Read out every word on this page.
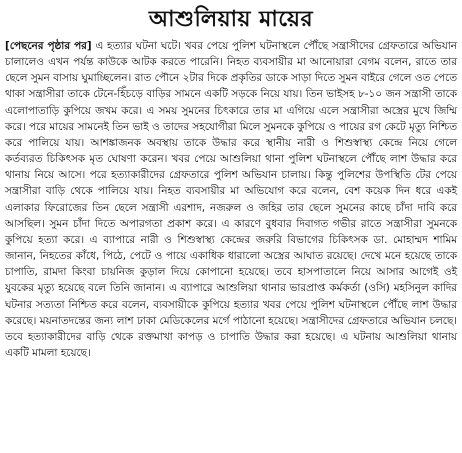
আশুলিয়ায় মায়ের

[পেছনের পৃষ্ঠার পর] এ হত্যার ঘটনা ঘটে। খবর পেয়ে পুলিশ ঘটনাস্থলে পৌঁছে সন্ত্রাসীদের গ্রেফতারে অভিযান চালালেও এখন পর্যন্ত কাউকে আটক করতে পারেনি। নিহত ব্যবসায়ীর মা আনোয়ারা বেগম বলেন, রাতে তার ছেলে সুমন বাসায় ঘুমাচ্ছিলেন। রাত পৌনে ২টার দিকে প্রকৃতির ডাকে সাড়া দিতে সুমন বাইরে গেলে ওত পেতে থাকা সন্ত্রাসীরা তাকে টেনে-হিঁচড়ে বাড়ির সামনে একটি সড়কে নিয়ে যায়। তিন ভাইসহ ৮-১০ জন সন্ত্রাসী তাকে এলোপাতাড়ি কুপিয়ে জখম করে। এ সময় সুমনের চিৎকারে তার মা এগিয়ে এলে সন্ত্রাসীরা অস্ত্রের মুখে জিম্মি করে। পরে মায়ের সামনেই তিন ভাই ও তাদের সহযোগীরা মিলে সুমনকে কুপিয়ে ও পায়ের রগ কেটে মৃত্যু নিশ্চিত করে পালিয়ে যায়। আশঙ্কাজনক অবস্থায় তাকে উদ্ধার করে স্থানীয় নারী ও শিশুস্বাস্থ্য কেন্দ্রে নিয়ে গেলে কর্তব্যরত চিকিৎসক মৃত ঘোষণা করেন। খবর পেয়ে আশুলিয়া থানা পুলিশ ঘটনাস্থলে পৌঁছে লাশ উদ্ধার করে থানায় নিয়ে আসে। পরে হত্যাকারীদের গ্রেফতারে পুলিশ অভিযান চালায়। কিন্তু পুলিশের উপস্থিতি টের পেয়ে সন্ত্রাসীরা বাড়ি থেকে পালিয়ে যায়। নিহত ব্যবসায়ীর মা অভিযোগ করে বলেন, বেশ কয়েক দিন ধরে একই এলাকার ফিরোজের তিন ছেলে সন্ত্রাসী এরশাদ, নজরুল ও জহির তার ছেলে সুমনের কাছে চাঁদা দাবি করে আসছিল। সুমন চাঁদা দিতে অপারগতা প্রকাশ করে। এ কারণে বুধবার দিবাগত গভীর রাতে সন্ত্রাসীরা সুমনকে কুপিয়ে হত্যা করে। এ ব্যাপারে নারী ও শিশুস্বাস্থ্য কেন্দ্রের জরুরি বিভাগের চিকিৎসক ডা. মোহাম্মদ শামিম জানান, নিহতের কাঁধে, পিঠে, পেটে ও পায়ে একাধিক ধারালো অস্ত্রের আঘাত রয়েছে। দেখে মনে হয়েছে তাকে চাপাতি, রামদা কিংবা চায়নিজ কুড়াল দিয়ে কোপানো হয়েছে। তবে হাসপাতালে নিয়ে আসার আগেই ওই যুবকের মৃত্যু হয়েছে বলে তিনি জানান। এ ব্যাপারে আশুলিয়া থানার ভারপ্রাপ্ত কর্মকর্তা (ওসি) মহসিনুল কাদির ঘটনার সত্যতা নিশ্চিত করে বলেন, ব্যবসায়ীকে কুপিয়ে হত্যার খবর পেয়ে পুলিশ ঘটনাস্থলে পৌঁছে লাশ উদ্ধার করেছে। ময়নাতদন্তের জন্য লাশ ঢাকা মেডিকেলের মর্গে পাঠানো হয়েছে। সন্ত্রাসীদের গ্রেফতারে অভিযান চলছে। তবে হত্যাকারীদের বাড়ি থেকে রক্তমাখা কাপড় ও চাপাতি উদ্ধার করা হয়েছে। এ ঘটনায় আশুলিয়া থানায় একটি মামলা হয়েছে।
